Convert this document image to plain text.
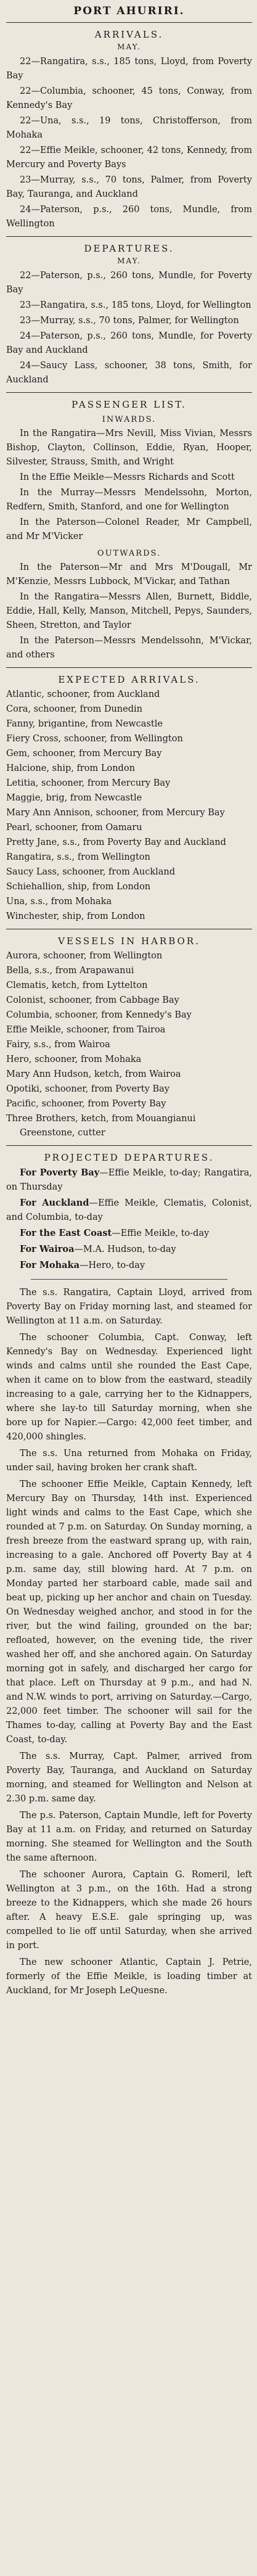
PORT AHURIRI.
ARRIVALS.
MAY.

22—Rangatira, s.s., 185 tons, Lloyd, from Poverty Bay

22—Columbia, schooner, 45 tons, Conway, from Kennedy's Bay

22—Una, s.s., 19 tons, Christofferson, from Mohaka

22—Effie Meikle, schooner, 42 tons, Kennedy, from Mercury and Poverty Bays

23—Murray, s.s., 70 tons, Palmer, from Poverty Bay, Tauranga, and Auckland

24—Paterson, p.s., 260 tons, Mundle, from Wellington

DEPARTURES.
MAY.

22—Paterson, p.s., 260 tons, Mundle, for Poverty Bay

23—Rangatira, s.s., 185 tons, Lloyd, for Wellington

23—Murray, s.s., 70 tons, Palmer, for Wellington

24—Paterson, p.s., 260 tons, Mundle, for Poverty Bay and Auckland

24—Saucy Lass, schooner, 38 tons, Smith, for Auckland

PASSENGER LIST.
INWARDS.

In the Rangatira—Mrs Nevill, Miss Vivian, Messrs Bishop, Clayton, Collinson, Eddie, Ryan, Hooper, Silvester, Strauss, Smith, and Wright

In the Effie Meikle—Messrs Richards and Scott

In the Murray—Messrs Mendelssohn, Morton, Redfern, Smith, Stanford, and one for Wellington

In the Paterson—Colonel Reader, Mr Campbell, and Mr M'Vicker

OUTWARDS.

In the Paterson—Mr and Mrs M'Dougall, Mr M'Kenzie, Messrs Lubbock, M'Vickar, and Tathan

In the Rangatira—Messrs Allen, Burnett, Biddle, Eddie, Hall, Kelly, Manson, Mitchell, Pepys, Saunders, Sheen, Stretton, and Taylor

In the Paterson—Messrs Mendelssohn, M'Vickar, and others

EXPECTED ARRIVALS.

Atlantic, schooner, from Auckland

Cora, schooner, from Dunedin

Fanny, brigantine, from Newcastle

Fiery Cross, schooner, from Wellington

Gem, schooner, from Mercury Bay

Halcione, ship, from London

Letitia, schooner, from Mercury Bay

Maggie, brig, from Newcastle

Mary Ann Annison, schooner, from Mercury Bay

Pearl, schooner, from Oamaru

Pretty Jane, s.s., from Poverty Bay and Auckland

Rangatira, s.s., from Wellington

Saucy Lass, schooner, from Auckland

Schiehallion, ship, from London

Una, s.s., from Mohaka

Winchester, ship, from London

VESSELS IN HARBOR.

Aurora, schooner, from Wellington

Bella, s.s., from Arapawanui

Clematis, ketch, from Lyttelton

Colonist, schooner, from Cabbage Bay

Columbia, schooner, from Kennedy's Bay

Effie Meikle, schooner, from Tairoa

Fairy, s.s., from Wairoa

Hero, schooner, from Mohaka

Mary Ann Hudson, ketch, from Wairoa

Opotiki, schooner, from Poverty Bay

Pacific, schooner, from Poverty Bay

Three Brothers, ketch, from Mouangianui Greenstone, cutter

PROJECTED DEPARTURES.

For Poverty Bay—Effie Meikle, to-day; Rangatira, on Thursday

For Auckland—Effie Meikle, Clematis, Colonist, and Columbia, to-day

For the East Coast—Effie Meikle, to-day

For Wairoa—M.A. Hudson, to-day

For Mohaka—Hero, to-day

The s.s. Rangatira, Captain Lloyd, arrived from Poverty Bay on Friday morning last, and steamed for Wellington at 11 a.m. on Saturday.

The schooner Columbia, Capt. Conway, left Kennedy's Bay on Wednesday. Experienced light winds and calms until she rounded the East Cape, when it came on to blow from the eastward, steadily increasing to a gale, carrying her to the Kidnappers, where she lay-to till Saturday morning, when she bore up for Napier.—Cargo: 42,000 feet timber, and 420,000 shingles.

The s.s. Una returned from Mohaka on Friday, under sail, having broken her crank shaft.

The schooner Effie Meikle, Captain Kennedy, left Mercury Bay on Thursday, 14th inst. Experienced light winds and calms to the East Cape, which she rounded at 7 p.m. on Saturday. On Sunday morning, a fresh breeze from the eastward sprang up, with rain, increasing to a gale. Anchored off Poverty Bay at 4 p.m. same day, still blowing hard. At 7 p.m. on Monday parted her starboard cable, made sail and beat up, picking up her anchor and chain on Tuesday. On Wednesday weighed anchor, and stood in for the river, but the wind failing, grounded on the bar; refloated, however, on the evening tide, the river washed her off, and she anchored again. On Saturday morning got in safely, and discharged her cargo for that place. Left on Thursday at 9 p.m., and had N. and N.W. winds to port, arriving on Saturday.—Cargo, 22,000 feet timber. The schooner will sail for the Thames to-day, calling at Poverty Bay and the East Coast, to-day.

The s.s. Murray, Capt. Palmer, arrived from Poverty Bay, Tauranga, and Auckland on Saturday morning, and steamed for Wellington and Nelson at 2.30 p.m. same day.

The p.s. Paterson, Captain Mundle, left for Poverty Bay at 11 a.m. on Friday, and returned on Saturday morning. She steamed for Wellington and the South the same afternoon.

The schooner Aurora, Captain G. Romeril, left Wellington at 3 p.m., on the 16th. Had a strong breeze to the Kidnappers, which she made 26 hours after. A heavy E.S.E. gale springing up, was compelled to lie off until Saturday, when she arrived in port.

The new schooner Atlantic, Captain J. Petrie, formerly of the Effie Meikle, is loading timber at Auckland, for Mr Joseph LeQuesne.
